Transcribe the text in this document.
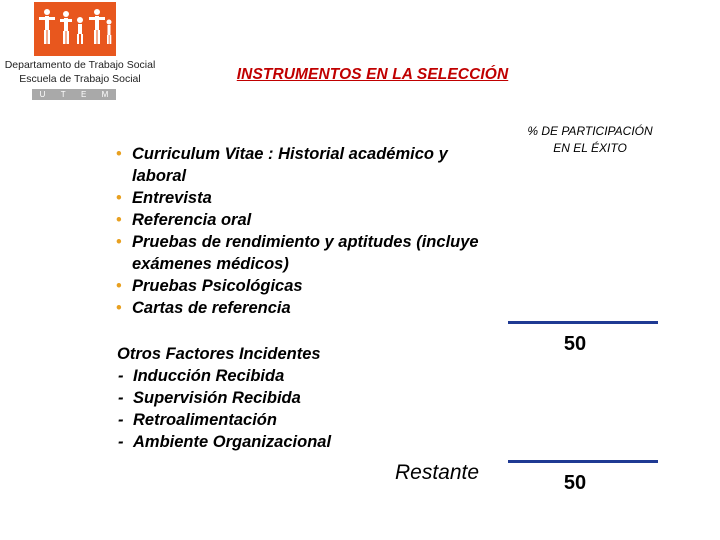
Departamento de Trabajo Social
Escuela de Trabajo Social
U T E M
INSTRUMENTOS EN LA SELECCIÓN
% DE PARTICIPACIÓN
EN EL ÉXITO
• Curriculum Vitae : Historial académico y laboral
• Entrevista
• Referencia oral
• Pruebas de rendimiento y aptitudes (incluye exámenes médicos)
• Pruebas Psicológicas
• Cartas de referencia
50
Otros Factores Incidentes
- Inducción Recibida
- Supervisión Recibida
- Retroalimentación
- Ambiente Organizacional
Restante	50
